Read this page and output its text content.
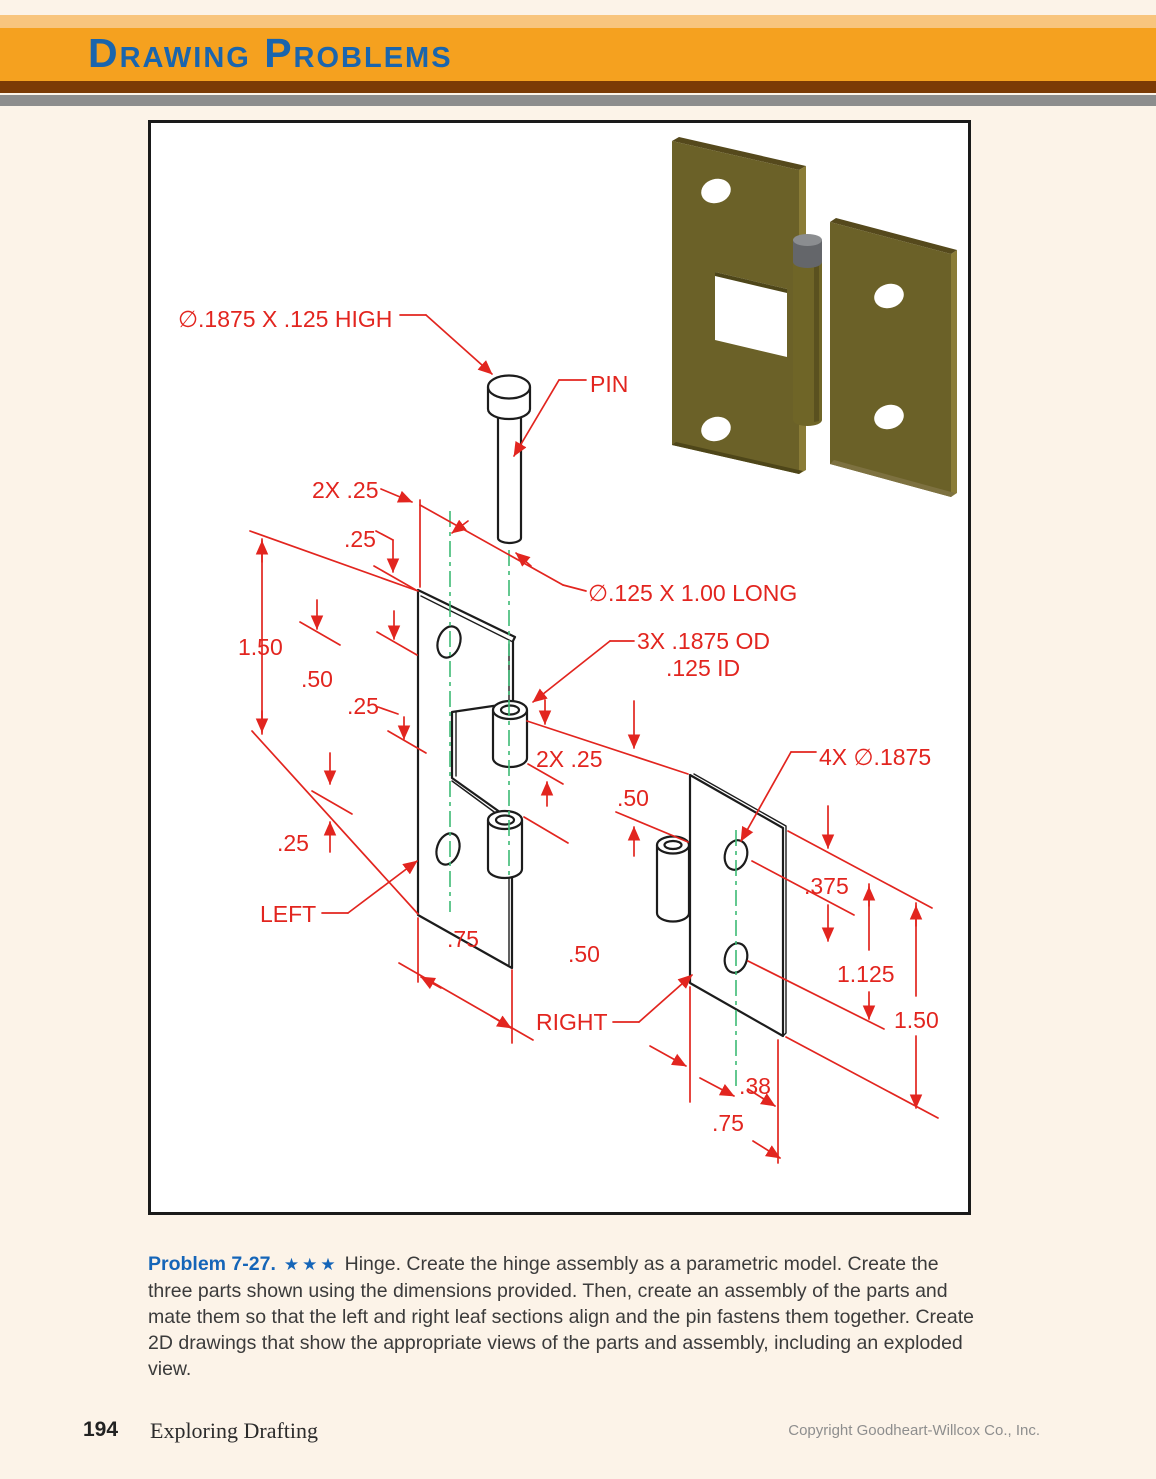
Drawing Problems
∅.1875 X .125 HIGH
PIN
∅.125 X 1.00 LONG
3X .1875 OD
.125 ID
2X .25
.25
1.50
.50
.25
2X .25
.50
4X ∅.1875
.25
LEFT
.75
.50
.375
1.125
1.50
RIGHT
.38
.75

Problem 7-27. ★★★ Hinge. Create the hinge assembly as a parametric model. Create the three parts shown using the dimensions provided. Then, create an assembly of the parts and mate them so that the left and right leaf sections align and the pin fastens them together. Create 2D drawings that show the appropriate views of the parts and assembly, including an exploded view.

194 Exploring Drafting	Copyright Goodheart-Willcox Co., Inc.
